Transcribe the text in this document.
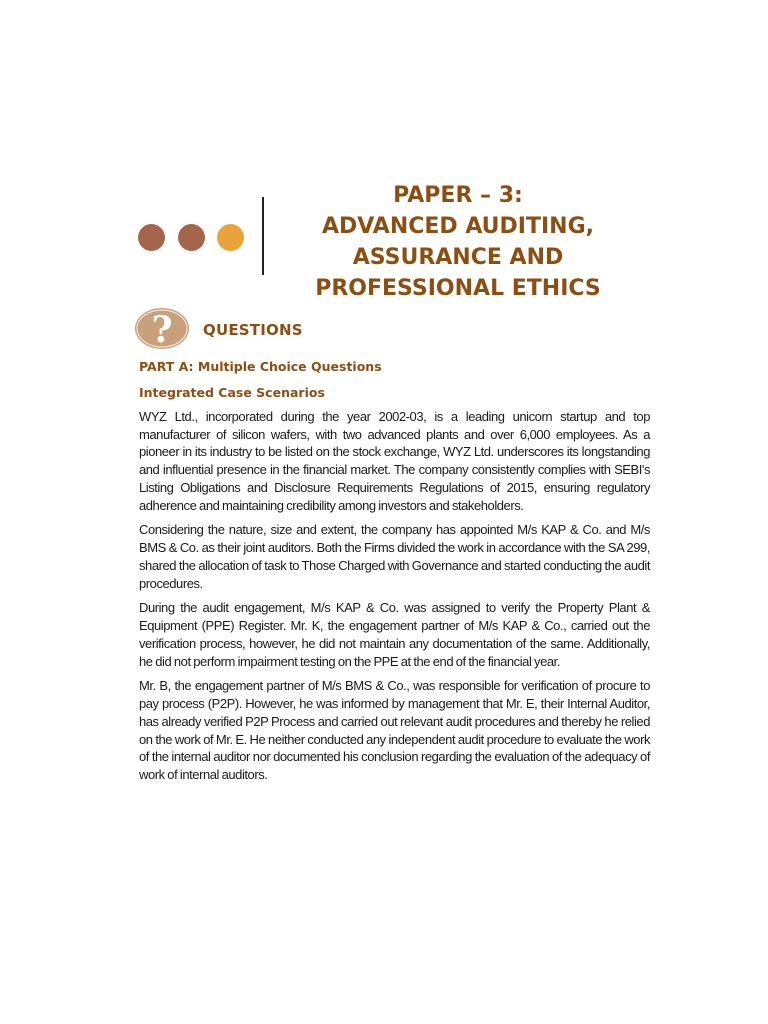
PAPER – 3:
ADVANCED AUDITING,
ASSURANCE AND
PROFESSIONAL ETHICS
? QUESTIONS
PART A: Multiple Choice Questions
Integrated Case Scenarios

WYZ Ltd., incorporated during the year 2002-03, is a leading unicorn startup and top manufacturer of silicon wafers, with two advanced plants and over 6,000 employees. As a pioneer in its industry to be listed on the stock exchange, WYZ Ltd. underscores its longstanding and influential presence in the financial market. The company consistently complies with SEBI's Listing Obligations and Disclosure Requirements Regulations of 2015, ensuring regulatory adherence and maintaining credibility among investors and stakeholders.

Considering the nature, size and extent, the company has appointed M/s KAP & Co. and M/s BMS & Co. as their joint auditors. Both the Firms divided the work in accordance with the SA 299, shared the allocation of task to Those Charged with Governance and started conducting the audit procedures.

During the audit engagement, M/s KAP & Co. was assigned to verify the Property Plant & Equipment (PPE) Register. Mr. K, the engagement partner of M/s KAP & Co., carried out the verification process, however, he did not maintain any documentation of the same. Additionally, he did not perform impairment testing on the PPE at the end of the financial year.

Mr. B, the engagement partner of M/s BMS & Co., was responsible for verification of procure to pay process (P2P). However, he was informed by management that Mr. E, their Internal Auditor, has already verified P2P Process and carried out relevant audit procedures and thereby he relied on the work of Mr. E. He neither conducted any independent audit procedure to evaluate the work of the internal auditor nor documented his conclusion regarding the evaluation of the adequacy of work of internal auditors.
